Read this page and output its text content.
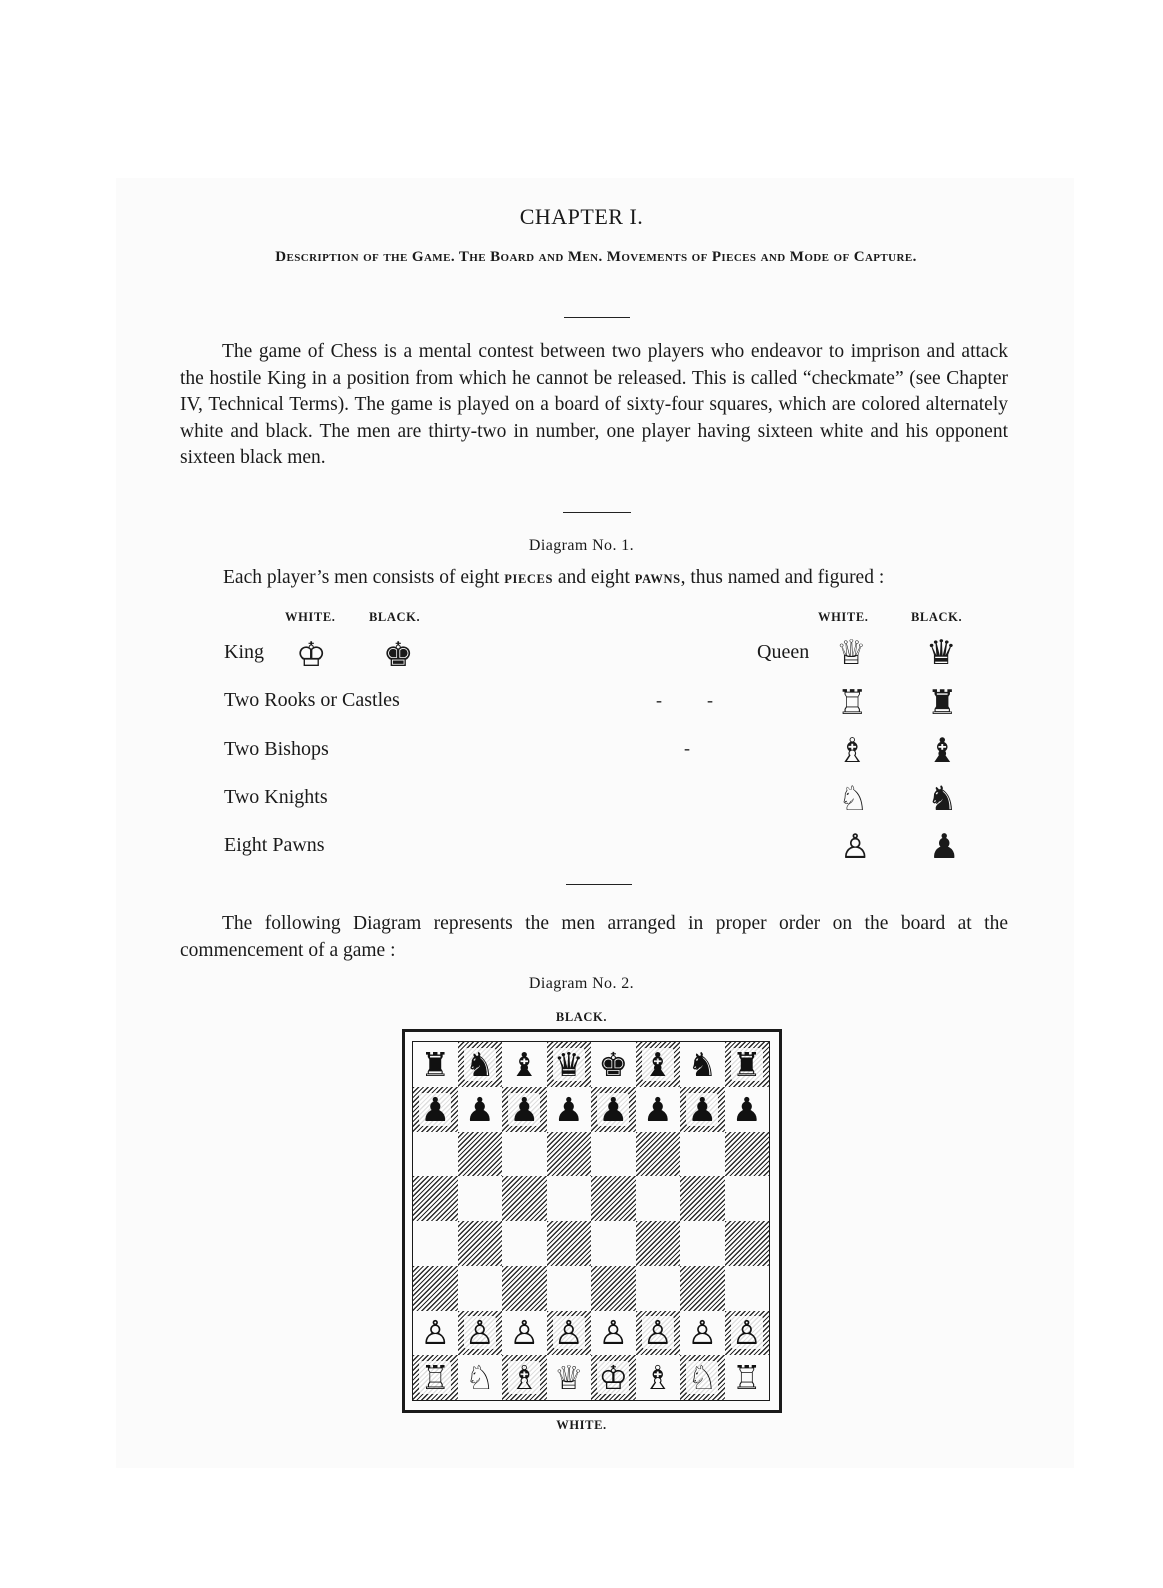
CHAPTER I.
Description of the Game. The Board and Men. Movements of Pieces and Mode of Capture.
The game of Chess is a mental contest between two players who endeavor to imprison and attack the hostile King in a position from which he cannot be released. This is called “checkmate” (see Chapter IV, Technical Terms). The game is played on a board of sixty-four squares, which are colored alternately white and black. The men are thirty-two in number, one player having sixteen white and his opponent sixteen black men.
Diagram No. 1.
Each player’s men consists of eight PIECES and eight PAWNS, thus named and figured :
WHITE.	BLACK.	WHITE.	BLACK.
King ♔ ♚	Queen ♕ ♛
Two Rooks or Castles	-	-	♖ ♜
Two Bishops	-	♗ ♝
Two Knights	♘ ♞
Eight Pawns	♙ ♟
The following Diagram represents the men arranged in proper order on the board at the commencement of a game :
Diagram No. 2.
BLACK.
♜ ♞ ♝ ♛ ♚ ♝ ♞ ♜
♟ ♟ ♟ ♟ ♟ ♟ ♟ ♟
♙ ♙ ♙ ♙ ♙ ♙ ♙ ♙
♖ ♘ ♗ ♕ ♔ ♗ ♘ ♖
WHITE.
